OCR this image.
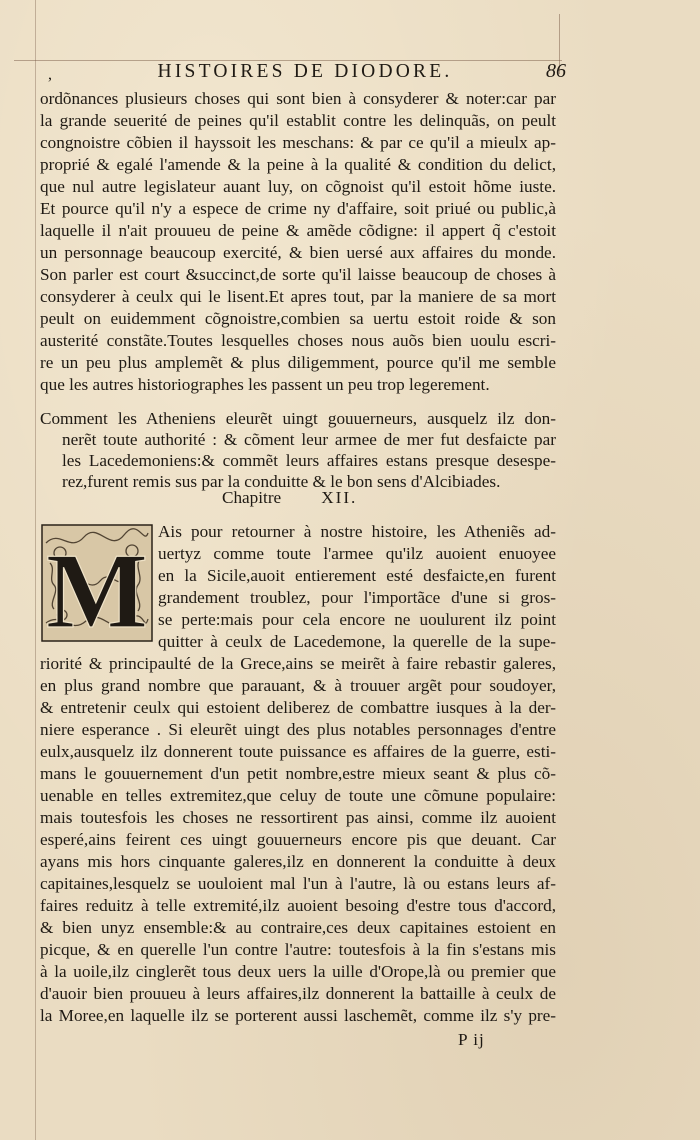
,	HISTOIRES DE DIODORE.	86
ordõnances plusieurs choses qui sont bien à consyderer & noter:car par
la grande seuerité de peines qu'il establit contre les delinquãs, on peult
congnoistre cõbien il hayssoit les meschans: & par ce qu'il a mieulx ap-
proprié & egalé l'amende & la peine à la qualité & condition du delict,
que nul autre legislateur auant luy, on cõgnoist qu'il estoit hõme iuste.
Et pource qu'il n'y a espece de crime ny d'affaire, soit priué ou public,à
laquelle il n'ait prouueu de peine & amẽde cõdigne: il appert q̃ c'estoit
un personnage beaucoup exercité, & bien uersé aux affaires du monde.
Son parler est court &succinct,de sorte qu'il laisse beaucoup de choses à
consyderer à ceulx qui le lisent.Et apres tout, par la maniere de sa mort
peult on euidemment cõgnoistre,combien sa uertu estoit roide & son
austerité constãte.Toutes lesquelles choses nous auõs bien uoulu escri-
re un peu plus amplemẽt & plus diligemment, pource qu'il me semble
que les autres historiographes les passent un peu trop legerement.
Comment les Atheniens eleurẽt uingt gouuerneurs, ausquelz ilz don-
nerẽt toute authorité : & cõment leur armee de mer fut desfaicte par
les Lacedemoniens:& commẽt leurs affaires estans presque desespe-
rez,furent remis sus par la conduitte & le bon sens d'Alcibiades.
Chapitre XII.
M
Ais pour retourner à nostre histoire, les Atheniẽs ad-
uertyz comme toute l'armee qu'ilz auoient enuoyee
en la Sicile,auoit entierement esté desfaicte,en furent
grandement troublez, pour l'importãce d'une si gros-
se perte:mais pour cela encore ne uoulurent ilz point
quitter à ceulx de Lacedemone, la querelle de la supe-
riorité & principaulté de la Grece,ains se meirẽt à faire rebastir galeres,
en plus grand nombre que parauant, & à trouuer argẽt pour soudoyer,
& entretenir ceulx qui estoient deliberez de combattre iusques à la der-
niere esperance . Si eleurẽt uingt des plus notables personnages d'entre
eulx,ausquelz ilz donnerent toute puissance es affaires de la guerre, esti-
mans le gouuernement d'un petit nombre,estre mieux seant & plus cõ-
uenable en telles extremitez,que celuy de toute une cõmune populaire:
mais toutesfois les choses ne ressortirent pas ainsi, comme ilz auoient
esperé,ains feirent ces uingt gouuerneurs encore pis que deuant. Car
ayans mis hors cinquante galeres,ilz en donnerent la conduitte à deux
capitaines,lesquelz se uouloient mal l'un à l'autre, là ou estans leurs af-
faires reduitz à telle extremité,ilz auoient besoing d'estre tous d'accord,
& bien unyz ensemble:& au contraire,ces deux capitaines estoient en
picque, & en querelle l'un contre l'autre: toutesfois à la fin s'estans mis
à la uoile,ilz cinglerẽt tous deux uers la uille d'Orope,là ou premier que
d'auoir bien prouueu à leurs affaires,ilz donnerent la battaille à ceulx de
la Moree,en laquelle ilz se porterent aussi laschemẽt, comme ilz s'y pre-
P ij
